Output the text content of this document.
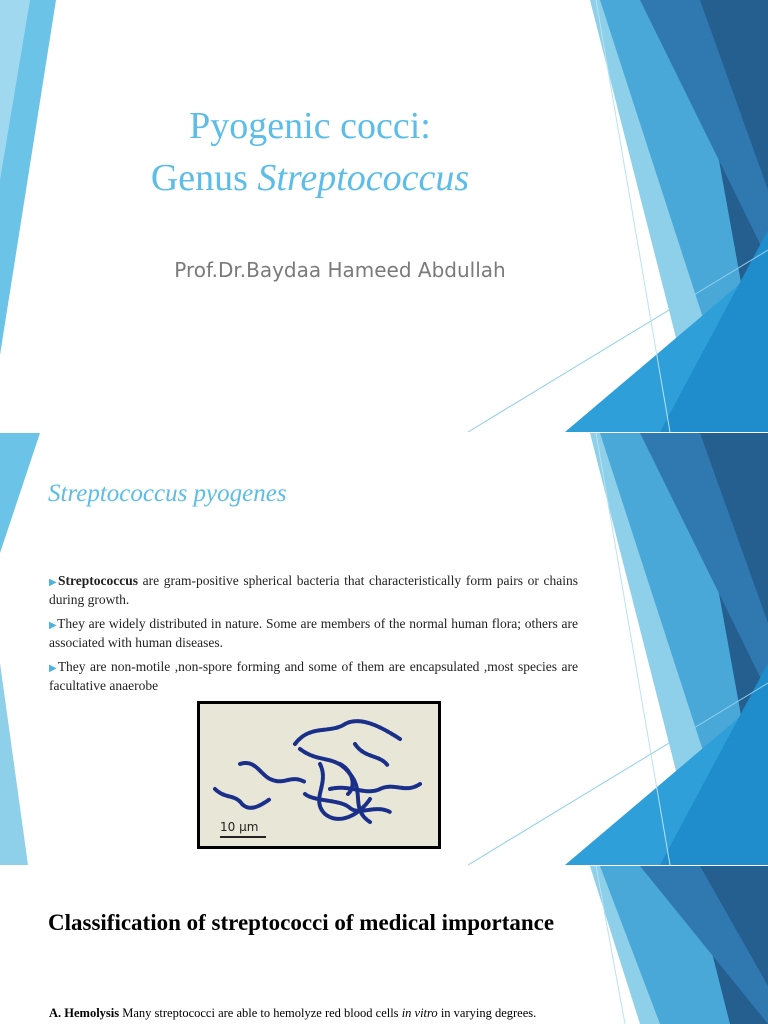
Pyogenic cocci:
Genus Streptococcus
Prof.Dr.Baydaa Hameed Abdullah
Streptococcus pyogenes
▶Streptococcus are gram-positive spherical bacteria that characteristically form pairs or chains during growth.
▶They are widely distributed in nature. Some are members of the normal human flora; others are associated with human diseases.
▶They are non-motile ,non-spore forming and some of them are encapsulated ,most species are facultative anaerobe
10 μm
Classification of streptococci of medical importance
A. Hemolysis Many streptococci are able to hemolyze red blood cells in vitro in varying degrees.
